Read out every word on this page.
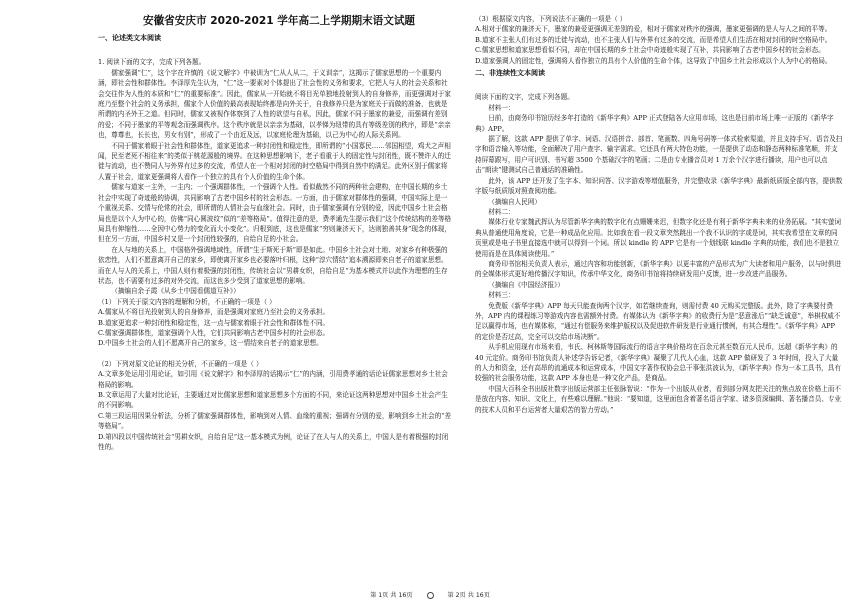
安徽省安庆市 2020-2021 学年高二上学期期末语文试题
一、论述类文本阅读

1. 阅读下面的文字，完成下列各题。

儒家强调“仁”，这个字在许慎的《说文解字》中被训为“仁从人从二，于义训亲”，这揭示了儒家思想的一个重要内涵，即社会性和群体性。李泽厚先生认为，“仁”这一要素对个体提出了社会性的义务和要求，它把人与人的社会关系和社会交往作为人性的本质和“仁”的重要标准”。因此，儒家从一开始就不将目光单独地投射到人的自身修养，而更强调对于家庭乃至整个社会的义务承担，儒家个人价值的最高表现始终都是向外关于，自我修养只是为家庭关于而做的准备，也就是所谓的内圣外王之道。但同时，儒家又被视作体察到了人性的欲望与自私，因此，儒家不同于墨家的兼爱，而强调有差别的爱；不同于墨家的平等观念而强调秩序。这个秩序就是以亲亲为基础，以孝悌为纽带的具有等级差别的秩序，即是“亲亲也，尊尊也，长长也，男女有别”，形成了一个由近及远，以家庭伦理为基础，以己为中心的人际关系网。

不同于儒家着眼于社会性和群体性，道家更追求一种封闭性和稳定性，即所谓的“小国寡民……邻国相望，鸡犬之声相闻，民至老死不相往来”的类似于桃花源般的境界。在这种思想影响下，老子看重于人的固定性与封闭性，既不赞许人的迁徙与流动，也不赞同人与外界有过多的交流，希望人在一个相对封闭的时空格局中得到自然中的满足。此外区别于儒家将人置于社会，道家更强调将人看作一个独立的具有个人价值的生命个体。

儒家与道家一主外，一主内；一个强调群体性，一个强调个人性。看似截然不同的两种社会建构，在中国长期的乡土社会中实现了奇迹般的协调，共同影响了古老中国乡村的社会形态。一方面，由于儒家对群体性的强调，中国实际上是一个重视关系、交情与伦常的社会，即所谓的人情社会与血缘社会。同时，由于儒家强调有分别的爱，因此中国乡土社会格局也是以个人为中心的，仿佛“同心圆波纹”似的“差等格局”。值得注意的是，费孝通先生提示我们“这个传统结构的差等格局具有伸缩性……全因中心势力的变化而大小变化”。归根到底，这也是儒家“穷则兼济天下，达则独善其身”现念的体现，但在另一方面，中国乡村又是一个封闭性较强的，自给自足的小社会。

在人与地的关系上，中国格外强调地域性，所谓“生于斯死于斯”即是如此。中国乡土社会对土地、对家乡有种极强的依恋性，人们不愿意离开自己的家乡，即使离开家乡也必要落叶归根，这种“淳穴情结”追本溯源即来自老子的道家思想。而在人与人的关系上，中国人则有着极强的封闭性，传统社会以“男耕女织，自给自足”为基本模式并以此作为理想的生存状态，也不需要有过多的对外交流，而这也多少受到了道家思想的影响。

（摘编自余子霞《从乡土中国看儒道互补》）

（1）下列关于原文内容的理解和分析，不正确的一项是（ ）

A.儒家从不将目光投射到人的自身修养，而是强调对家庭乃至社会的义务承担。

B.道家更追求一种封闭性和稳定性，这一点与儒家着眼于社会性和群体性不同。

C.儒家强调群体性，道家强调个人性，它们共同影响古老中国乡村的社会形态。

D.中国乡土社会的人们不愿离开自己的家乡，这一情结来自老子的道家思想。

（2）下列对原文论证的相关分析，不正确的一项是（ ）

A.文章多处运用引用论证，如引用《说文解字》和李泽厚的话揭示“仁”的内涵，引用费孝通的话论证儒家思想对乡土社会格局的影响。

B.文章运用了大量对比论证，主要通过对比儒家思想和道家思想多个方面的不同，来论证这两种思想对中国乡土社会产生的不同影响。

C.第三段运用因果分析法，分析了儒家强调群体性，影响到对人情、血缘的重视；强调有分别的爱，影响到乡土社会的“差等格局”。

D.第四段以中国传统社会“男耕女织，自给自足”这一基本模式为例，论证了在人与人的关系上，中国人是有着极强的封闭性的。

（3）根据原文内容，下列说法不正确的一项是（ ）

A.相对于儒家的兼济天下，墨家的兼爱更强调无差别的爱，相对于儒家对秩序的强调，墨家更强调的是人与人之间的平等。

B.道家不主张人们有过多的迁徙与流动，也不主张人们与外界有过多的交流，而是希望人们生活在相对封闭的时空格局中。

C.儒家思想和道家思想看似不同，却在中国长期的乡土社会中奇迹般实现了互补，共同影响了古老中国乡村的社会形态。

D.道家强调人的固定性，强调将人看作独立的具有个人价值的生命个体，这导致了中国乡土社会形成以个人为中心的格局。

二、非连续性文本阅读

阅读下面的文字，完成下列各题。

材料一：

日前，由商务印书馆历经多年打造的《新华字典》APP 正式登陆各大应用市场，这也是目前市场上唯一正版的《新华字典》APP。

据了解，这款 APP 提供了单字、词语、汉语拼音、部首、笔画数、四角号码等一体式检索渠道，并且支持手写、语音及扫字和语音输入等功能，全面解决了用户查字、输字需求。它还具有两大特色功能，一是提供了动态和静态两种标准笔顺，并支持屏幕跟写，用户可识别、书写超 3500 个基础汉字的笔画；二是由专业播音员对 1 万余个汉字进行播读，用户也可以点击“朗读”键测试自己普通话的准确性。

此外，该 APP 还开发了生字本、知识问答、汉字游戏等增值服务，并完整收录《新华字典》最新纸质版全部内容，提供数字版与纸质版对照查阅功能。

（摘编自人民网）

材料二：

媒体行业专家魏武挥认为尽管新华字典的数字化有点姗姗来迟，但数字化还是有利于新华字典未来的业务拓展。“其实萤词典从普通使用角度说，它是一种成品化应用。比如我在看一段文章突然跳出一个我不认识的字或是词，其实我希望在文章的同页里或是电子书里直接选中就可以得到一个词。所以 kindle 的 APP 它是有一个划线联 kindle 字典的功能，我们也不是独立使用而是在具体阅读使用。”

商务印书馆相关负责人表示，通过内容和功能创新，《新华字典》以更丰富的产品形式为广大读者和用户服务，以与时俱进的全媒体形式更好地传播汉字知识，传承中华文化，商务印书馆将持续研发用户反馈，进一步改进产品服务。

（摘编自《中国经济报》）

材料三：

免费版《新华字典》APP 每天只能查询两个汉字，如若继续查询，则需付费 40 元购买完整版。此外，除了字典要付费外，APP 内的课程练习等游戏内容也需额外付费。有媒体认为《新华字典》的收费行为是“恶意涨后”“缺乏诚意”，举棋权威不足以赢得市场，也有媒体称，“通过有偿服务来维护版权以及促进软件研发是行业通行惯例，有其合理性”。《新华字典》APP 的定价是否过高，完全可以交给市场决断”。

从手机应用现有市场来看，韦氏、柯林斯等国际流行的语言字典价格均在百余元甚至数百元人民币，远超《新华字典》的 40 元定价。商务印书馆负责人补述学告诉记者，《新华字典》凝聚了几代人心血，这款 APP 做研发了 3 年时间，投入了大量的人力和资金，还有高昂的流通成本和运营成本，中国文字著作权协会总干事张洪波认为，《新华字典》作为一本工具书，具有较强的社会服务功能，这款 APP 本身也是一种文化产品，是商品。

中国大百科全书出版社数字出版运营部主任张脉智说：“作为一个出版从业者，看到部分网友把关注的焦点放在价格上而不是放在内容、知识、文化上，有些难以理解。”他说：“要知道，这里面包含着著名语言学家、诸多资深编辑、著名播音员、专业的技术人员和平台运营者大量艰苦的智力劳动。”

第 1页 共 16页	第 2页 共 16页
